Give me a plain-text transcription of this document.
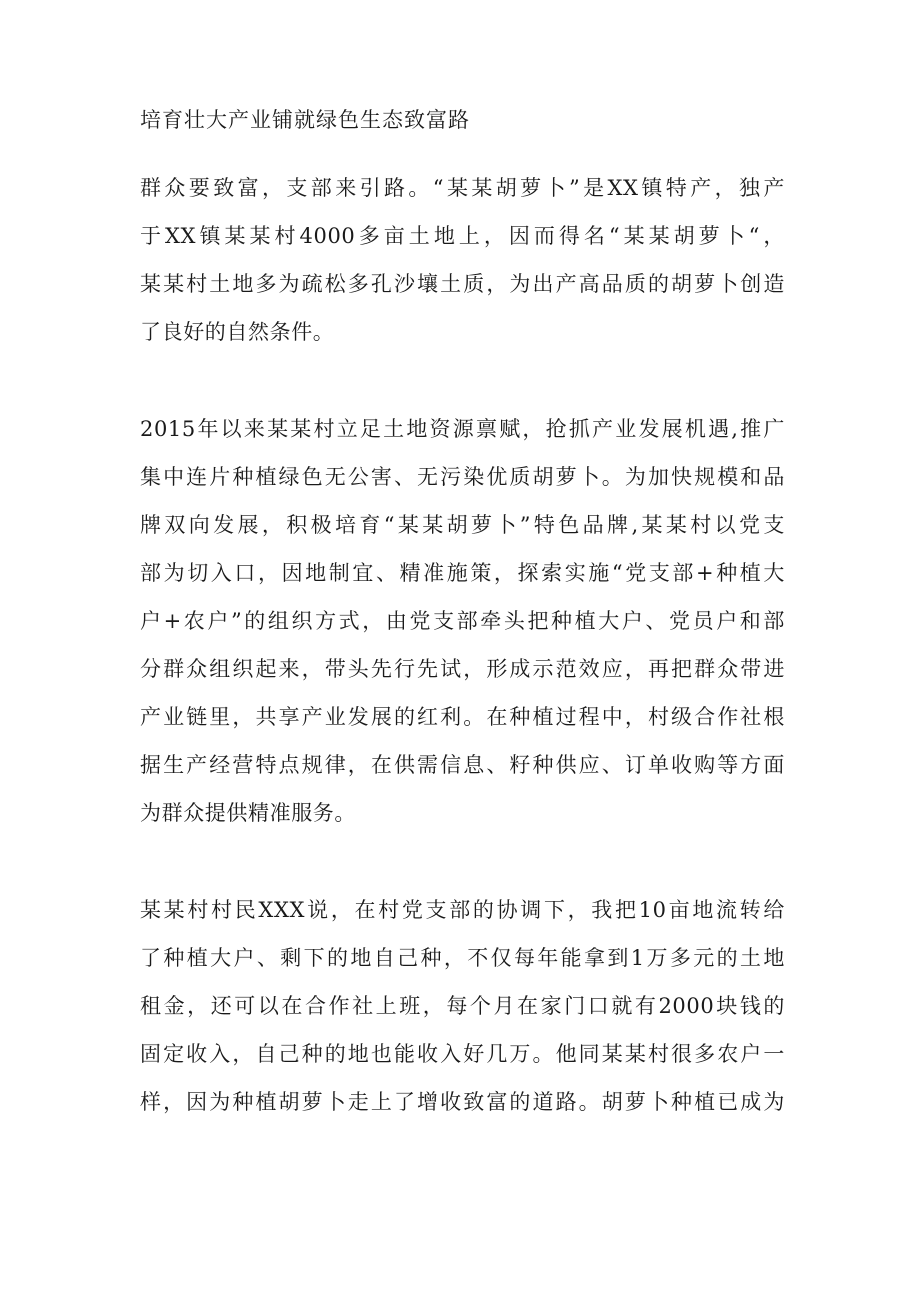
培育壮大产业铺就绿色生态致富路
群众要致富，支部来引路。“某某胡萝卜”是XX镇特产，独产
于XX镇某某村4000多亩土地上，因而得名“某某胡萝卜“，
某某村土地多为疏松多孔沙壤土质，为出产高品质的胡萝卜创造
了良好的自然条件。
2015年以来某某村立足土地资源禀赋，抢抓产业发展机遇,推广
集中连片种植绿色无公害、无污染优质胡萝卜。为加快规模和品
牌双向发展，积极培育“某某胡萝卜”特色品牌,某某村以党支
部为切入口，因地制宜、精准施策，探索实施“党支部+种植大
户+农户”的组织方式，由党支部牵头把种植大户、党员户和部
分群众组织起来，带头先行先试，形成示范效应，再把群众带进
产业链里，共享产业发展的红利。在种植过程中，村级合作社根
据生产经营特点规律，在供需信息、籽种供应、订单收购等方面
为群众提供精准服务。
某某村村民XXX说，在村党支部的协调下，我把10亩地流转给
了种植大户、剩下的地自己种，不仅每年能拿到1万多元的土地
租金，还可以在合作社上班，每个月在家门口就有2000块钱的
固定收入，自己种的地也能收入好几万。他同某某村很多农户一
样，因为种植胡萝卜走上了增收致富的道路。胡萝卜种植已成为
